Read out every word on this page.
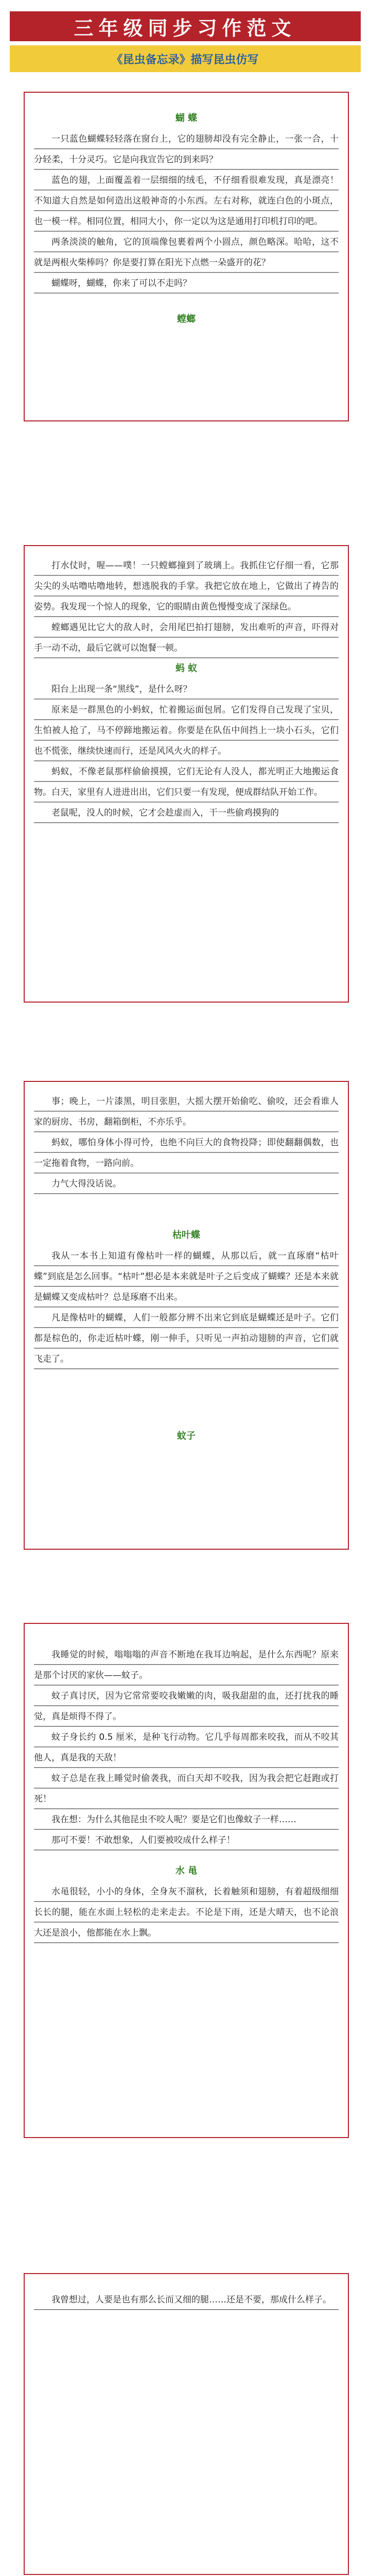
三年级同步习作范文
《昆虫备忘录》描写昆虫仿写
蝴 蝶
一只蓝色蝴蝶轻轻落在窗台上，它的翅膀却没有完全静止，一张一合，十分轻柔，十分灵巧。它是向我宣告它的到来吗？
蓝色的翅，上面覆盖着一层细细的绒毛，不仔细看很难发现，真是漂亮！不知道大自然是如何造出这般神奇的小东西。左右对称，就连白色的小斑点，也一模一样。相同位置，相同大小，你一定以为这是通用打印机打印的吧。
两条淡淡的触角，它的顶端像包裹着两个小圆点，颜色略深。哈哈，这不就是两根火柴棒吗？你是要打算在阳光下点燃一朵盛开的花？
蝴蝶呀，蝴蝶，你来了可以不走吗？
螳螂
打水仗时，喔——噗！一只螳螂撞到了玻璃上。我抓住它仔细一看，它那尖尖的头咕噜咕噜地转，想逃脱我的手掌。我把它放在地上，它做出了祷告的姿势。我发现一个惊人的现象，它的眼睛由黄色慢慢变成了深绿色。
螳螂遇见比它大的敌人时，会用尾巴拍打翅膀，发出难听的声音，吓得对手一动不动，最后它就可以饱餐一顿。
蚂 蚁
阳台上出现一条“黑线”，是什么呀？
原来是一群黑色的小蚂蚁，忙着搬运面包屑。它们发得自己发现了宝贝，生怕被人抢了，马不停蹄地搬运着。你要是在队伍中间挡上一块小石头，它们也不慌张，继续快速而行，还是风风火火的样子。
蚂蚁，不像老鼠那样偷偷摸摸，它们无论有人没人，都光明正大地搬运食物。白天，家里有人进进出出，它们只要一有发现，便成群结队开始工作。
老鼠呢，没人的时候，它才会趁虚而入，干一些偷鸡摸狗的
事；晚上，一片漆黑，明目张胆，大摇大摆开始偷吃、偷咬，还会看谁人家的厨房、书房，翻箱倒柜，不亦乐乎。
蚂蚁，哪怕身体小得可怜，也绝不向巨大的食物投降；即使翻翻偶数，也一定拖着食物，一路向前。
力气大得没话说。
枯叶蝶
我从一本书上知道有像枯叶一样的蝴蝶，从那以后，就一直琢磨“枯叶蝶”到底是怎么回事。“枯叶”想必是本来就是叶子之后变成了蝴蝶？还是本来就是蝴蝶又变成枯叶？总是琢磨不出来。
凡是像枯叶的蝴蝶，人们一般都分辨不出来它到底是蝴蝶还是叶子。它们都是棕色的，你走近枯叶蝶，刚一伸手，只听见一声拍动翅膀的声音，它们就飞走了。
蚊子
我睡觉的时候，嗡嗡嗡的声音不断地在我耳边响起，是什么东西呢？原来是那个讨厌的家伙——蚊子。
蚊子真讨厌，因为它常常要咬我嫩嫩的肉，吸我甜甜的血，还打扰我的睡觉，真是烦得不得了。
蚊子身长约 0.5 厘米，是种飞行动物。它几乎每周都来咬我，而从不咬其他人，真是我的天敌！
蚊子总是在我上睡觉时偷袭我，而白天却不咬我，因为我会把它赶跑或打死！
我在想：为什么其他昆虫不咬人呢？要是它们也像蚊子一样……
那可不要！不敢想象，人们要被咬成什么样子！
水 黾
水黾很轻，小小的身体，全身灰不溜秋，长着触须和翅膀，有着超级细细长长的腿，能在水面上轻松的走来走去。不论是下雨，还是大晴天，也不论浪大还是浪小，他都能在水上飘。
我曾想过，人要是也有那么长而又细的腿……还是不要，那成什么样子。
